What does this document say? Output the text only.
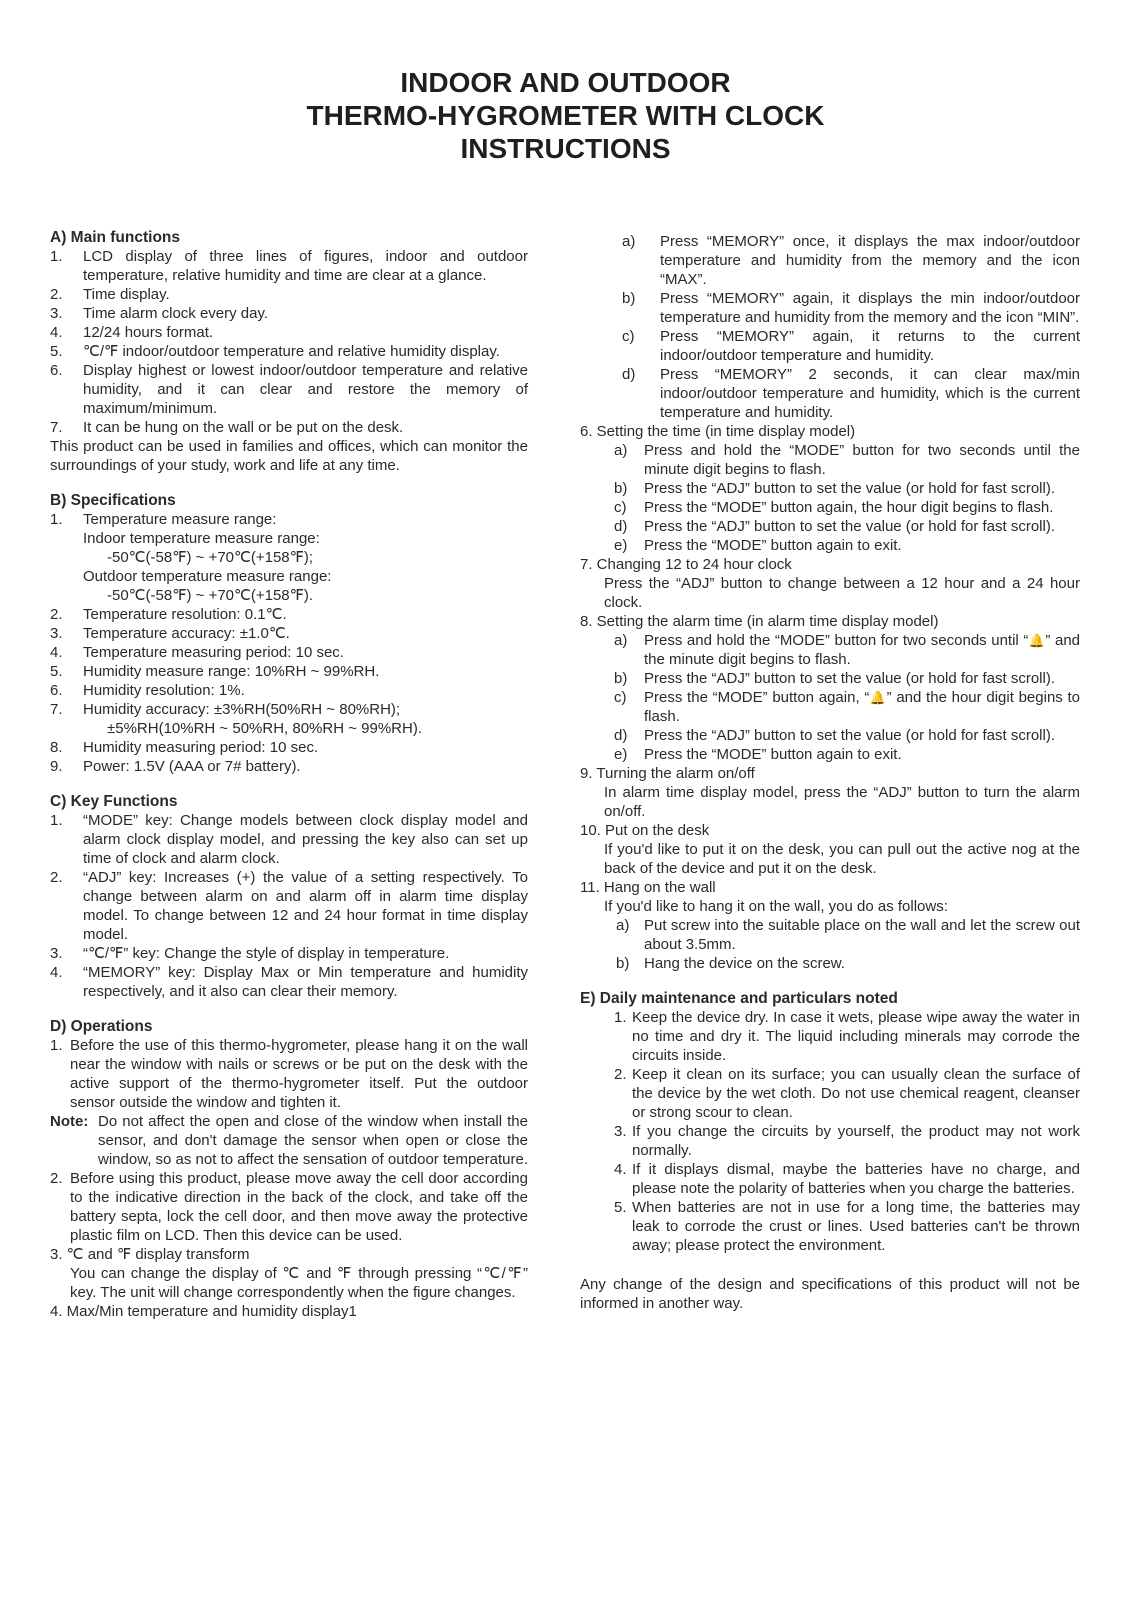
INDOOR AND OUTDOOR
THERMO-HYGROMETER WITH CLOCK
INSTRUCTIONS
A) Main functions
1.	LCD display of three lines of figures, indoor and outdoor temperature, relative humidity and time are clear at a glance.
2.	Time display.
3.	Time alarm clock every day.
4.	12/24 hours format.
5.	℃/℉ indoor/outdoor temperature and relative humidity display.
6.	Display highest or lowest indoor/outdoor temperature and relative humidity, and it can clear and restore the memory of maximum/minimum.
7.	It can be hung on the wall or be put on the desk.
This product can be used in families and offices, which can monitor the surroundings of your study, work and life at any time.
B) Specifications
1.	Temperature measure range:
Indoor temperature measure range:
-50℃(-58℉) ~ +70℃(+158℉);
Outdoor temperature measure range:
-50℃(-58℉) ~ +70℃(+158℉).
2.	Temperature resolution: 0.1℃.
3.	Temperature accuracy: ±1.0℃.
4.	Temperature measuring period: 10 sec.
5.	Humidity measure range: 10%RH ~ 99%RH.
6.	Humidity resolution: 1%.
7.	Humidity accuracy: ±3%RH(50%RH ~ 80%RH);
±5%RH(10%RH ~ 50%RH, 80%RH ~ 99%RH).
8.	Humidity measuring period: 10 sec.
9.	Power: 1.5V (AAA or 7# battery).
C) Key Functions
1.	“MODE” key: Change models between clock display model and alarm clock display model, and pressing the key also can set up time of clock and alarm clock.
2.	“ADJ” key: Increases (+) the value of a setting respectively. To change between alarm on and alarm off in alarm time display model. To change between 12 and 24 hour format in time display model.
3.	“℃/℉” key: Change the style of display in temperature.
4.	“MEMORY” key: Display Max or Min temperature and humidity respectively, and it also can clear their memory.
D) Operations
1. Before the use of this thermo-hygrometer, please hang it on the wall near the window with nails or screws or be put on the desk with the active support of the thermo-hygrometer itself. Put the outdoor sensor outside the window and tighten it.
Note: Do not affect the open and close of the window when install the sensor, and don't damage the sensor when open or close the window, so as not to affect the sensation of outdoor temperature.
2. Before using this product, please move away the cell door according to the indicative direction in the back of the clock, and take off the battery septa, lock the cell door, and then move away the protective plastic film on LCD. Then this device can be used.
3. ℃ and ℉ display transform
You can change the display of ℃ and ℉ through pressing “℃/℉” key. The unit will change correspondently when the figure changes.
4. Max/Min temperature and humidity display1
a)	Press “MEMORY” once, it displays the max indoor/outdoor temperature and humidity from the memory and the icon “MAX”.
b)	Press “MEMORY” again, it displays the min indoor/outdoor temperature and humidity from the memory and the icon “MIN”.
c)	Press “MEMORY” again, it returns to the current indoor/outdoor temperature and humidity.
d)	Press “MEMORY” 2 seconds, it can clear max/min indoor/outdoor temperature and humidity, which is the current temperature and humidity.
6. Setting the time (in time display model)
a)	Press and hold the “MODE” button for two seconds until the minute digit begins to flash.
b)	Press the “ADJ” button to set the value (or hold for fast scroll).
c)	Press the “MODE” button again, the hour digit begins to flash.
d)	Press the “ADJ” button to set the value (or hold for fast scroll).
e)	Press the “MODE” button again to exit.
7. Changing 12 to 24 hour clock
Press the “ADJ” button to change between a 12 hour and a 24 hour clock.
8. Setting the alarm time (in alarm time display model)
a)	Press and hold the “MODE” button for two seconds until “🔔” and the minute digit begins to flash.
b)	Press the “ADJ” button to set the value (or hold for fast scroll).
c)	Press the “MODE” button again, “🔔” and the hour digit begins to flash.
d)	Press the “ADJ” button to set the value (or hold for fast scroll).
e)	Press the “MODE” button again to exit.
9. Turning the alarm on/off
In alarm time display model, press the “ADJ” button to turn the alarm on/off.
10. Put on the desk
If you'd like to put it on the desk, you can pull out the active nog at the back of the device and put it on the desk.
11. Hang on the wall
If you'd like to hang it on the wall, you do as follows:
a) Put screw into the suitable place on the wall and let the screw out about 3.5mm.
b) Hang the device on the screw.
E) Daily maintenance and particulars noted
1. Keep the device dry. In case it wets, please wipe away the water in no time and dry it. The liquid including minerals may corrode the circuits inside.
2. Keep it clean on its surface; you can usually clean the surface of the device by the wet cloth. Do not use chemical reagent, cleanser or strong scour to clean.
3. If you change the circuits by yourself, the product may not work normally.
4. If it displays dismal, maybe the batteries have no charge, and please note the polarity of batteries when you charge the batteries.
5. When batteries are not in use for a long time, the batteries may leak to corrode the crust or lines. Used batteries can't be thrown away; please protect the environment.
Any change of the design and specifications of this product will not be informed in another way.
